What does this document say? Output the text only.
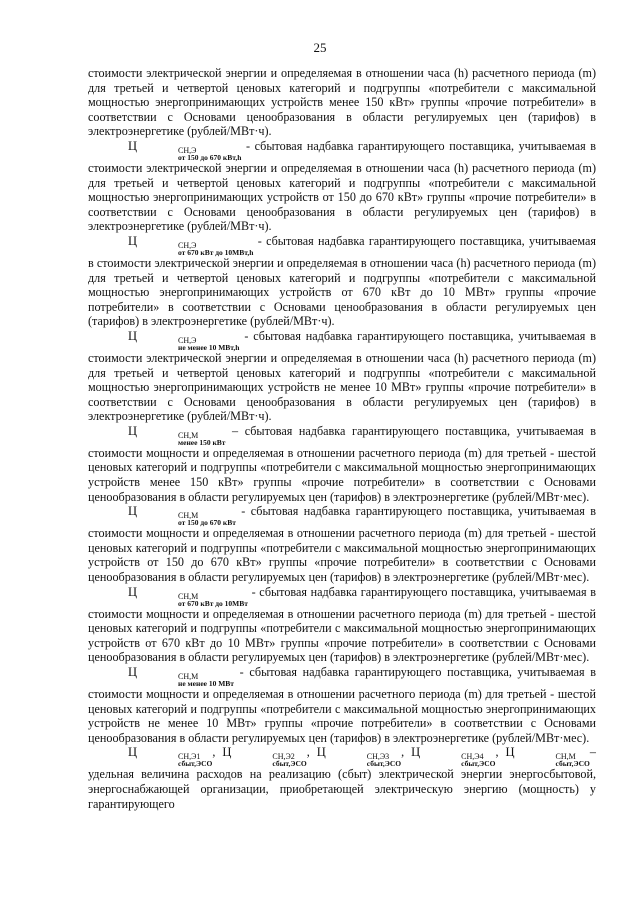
25

стоимости электрической энергии и определяемая в отношении часа (h) расчетного периода (m) для третьей и четвертой ценовых категорий и подгруппы «потребители с максимальной мощностью энергопринимающих устройств менее 150 кВт» группы «прочие потребители» в соответствии с Основами ценообразования в области регулируемых цен (тарифов) в электроэнергетике (рублей/МВт·ч).

Ц	СН,Э
от 150 до 670 кВт,h
- сбытовая надбавка гарантирующего поставщика, учитываемая в стоимости электрической энергии и определяемая в отношении часа (h) расчетного периода (m) для третьей и четвертой ценовых категорий и подгруппы «потребители с максимальной мощностью энергопринимающих устройств от 150 до 670 кВт» группы «прочие потребители» в соответствии с Основами ценообразования в области регулируемых цен (тарифов) в электроэнергетике (рублей/МВт·ч).

Ц	СН,Э
от 670 кВт до 10МВт,h
- сбытовая надбавка гарантирующего поставщика, учитываемая в стоимости электрической энергии и определяемая в отношении часа (h) расчетного периода (m) для третьей и четвертой ценовых категорий и подгруппы «потребители с максимальной мощностью энергопринимающих устройств от 670 кВт до 10 МВт» группы «прочие потребители» в соответствии с Основами ценообразования в области регулируемых цен (тарифов) в электроэнергетике (рублей/МВт·ч).

Ц	СН,Э
не менее 10 МВт,h
- сбытовая надбавка гарантирующего поставщика, учитываемая в стоимости электрической энергии и определяемая в отношении часа (h) расчетного периода (m) для третьей и четвертой ценовых категорий и подгруппы «потребители с максимальной мощностью энергопринимающих устройств не менее 10 МВт» группы «прочие потребители» в соответствии с Основами ценообразования в области регулируемых цен (тарифов) в электроэнергетике (рублей/МВт·ч).

Ц	СН,М
менее 150 кВт
– сбытовая надбавка гарантирующего поставщика, учитываемая в стоимости мощности и определяемая в отношении расчетного периода (m) для третьей - шестой ценовых категорий и подгруппы «потребители с максимальной мощностью энергопринимающих устройств менее 150 кВт» группы «прочие потребители» в соответствии с Основами ценообразования в области регулируемых цен (тарифов) в электроэнергетике (рублей/МВт·мес).

Ц	СН,М
от 150 до 670 кВт
- сбытовая надбавка гарантирующего поставщика, учитываемая в стоимости мощности и определяемая в отношении расчетного периода (m) для третьей - шестой ценовых категорий и подгруппы «потребители с максимальной мощностью энергопринимающих устройств от 150 до 670 кВт» группы «прочие потребители» в соответствии с Основами ценообразования в области регулируемых цен (тарифов) в электроэнергетике (рублей/МВт·мес).

Ц	СН,М
от 670 кВт до 10МВт
- сбытовая надбавка гарантирующего поставщика, учитываемая в стоимости мощности и определяемая в отношении расчетного периода (m) для третьей - шестой ценовых категорий и подгруппы «потребители с максимальной мощностью энергопринимающих устройств от 670 кВт до 10 МВт» группы «прочие потребители» в соответствии с Основами ценообразования в области регулируемых цен (тарифов) в электроэнергетике (рублей/МВт·мес).

Ц	СН,М
не менее 10 МВт
- сбытовая надбавка гарантирующего поставщика, учитываемая в стоимости мощности и определяемая в отношении расчетного периода (m) для третьей - шестой ценовых категорий и подгруппы «потребители с максимальной мощностью энергопринимающих устройств не менее 10 МВт» группы «прочие потребители» в соответствии с Основами ценообразования в области регулируемых цен (тарифов) в электроэнергетике (рублей/МВт·мес).

Ц	СН,Э1
сбыт,ЭСО
, Ц	СН,Э2
сбыт,ЭСО
, Ц	СН,Э3
сбыт,ЭСО
, Ц	СН,Э4
сбыт,ЭСО
, Ц	СН,М
сбыт,ЭСО
–удельная величина расходов на реализацию (сбыт) электрической энергии энергосбытовой, энергоснабжающей организации, приобретающей электрическую энергию (мощность) у гарантирующего
